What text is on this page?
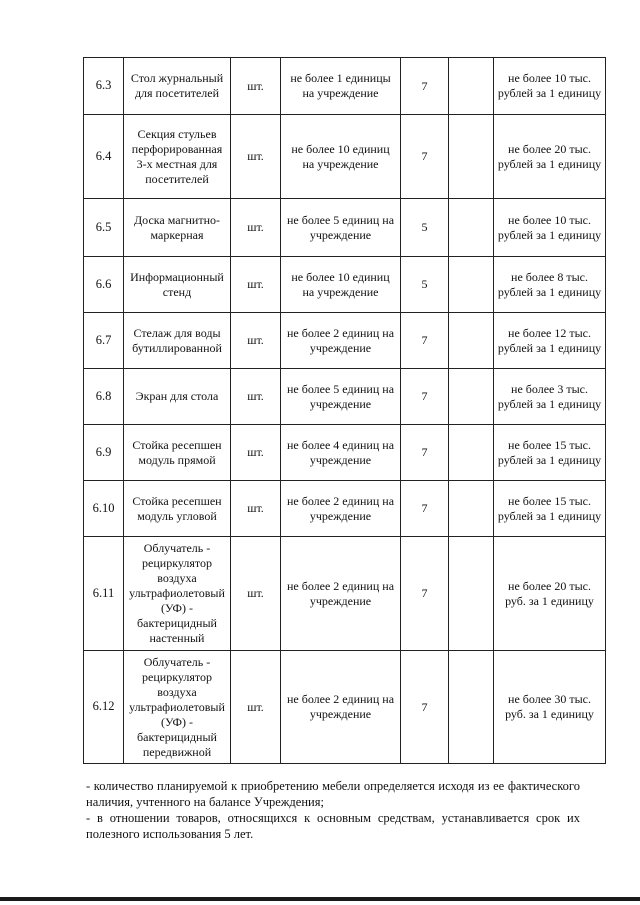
6.3	Стол журнальный для посетителей	шт.	не более 1 единицы на учреждение	7		не более 10 тыс. рублей за 1 единицу
6.4	Секция стульев перфорированная 3-х местная для посетителей	шт.	не более 10 единиц на учреждение	7		не более 20 тыс. рублей за 1 единицу
6.5	Доска магнитно-маркерная	шт.	не более 5 единиц на учреждение	5		не более 10 тыс. рублей за 1 единицу
6.6	Информационный стенд	шт.	не более 10 единиц на учреждение	5		не более 8 тыс. рублей за 1 единицу
6.7	Стелаж для воды бутиллированной	шт.	не более 2 единиц на учреждение	7		не более 12 тыс. рублей за 1 единицу
6.8	Экран для стола	шт.	не более 5 единиц на учреждение	7		не более 3 тыс. рублей за 1 единицу
6.9	Стойка ресепшен модуль прямой	шт.	не более 4 единиц на учреждение	7		не более 15 тыс. рублей за 1 единицу
6.10	Стойка ресепшен модуль угловой	шт.	не более 2 единиц на учреждение	7		не более 15 тыс. рублей за 1 единицу
6.11	Облучатель - рециркулятор воздуха ультрафиолетовый (УФ) - бактерицидный настенный	шт.	не более 2 единиц на учреждение	7		не более 20 тыс. руб. за 1 единицу
6.12	Облучатель - рециркулятор воздуха ультрафиолетовый (УФ) - бактерицидный передвижной	шт.	не более 2 единиц на учреждение	7		не более 30 тыс. руб. за 1 единицу

- количество планируемой к приобретению мебели определяется исходя из ее фактического наличия, учтенного на балансе Учреждения;

- в отношении товаров, относящихся к основным средствам, устанавливается срок их полезного использования 5 лет.
